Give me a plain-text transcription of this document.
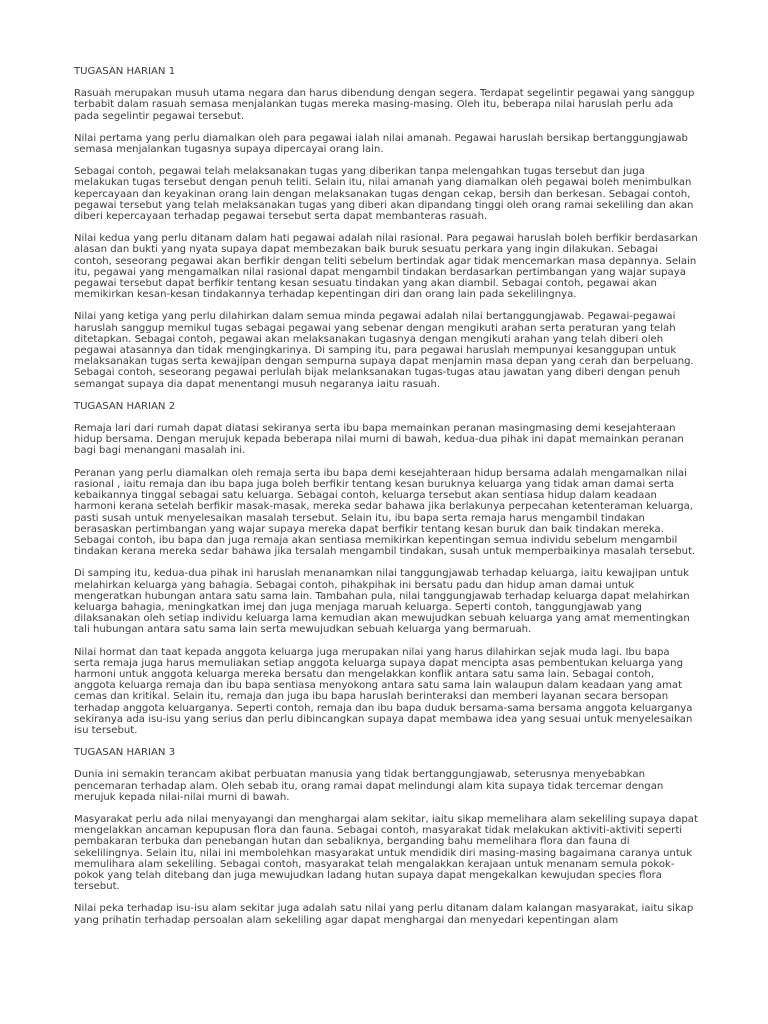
TUGASAN HARIAN 1
Rasuah merupakan musuh utama negara dan harus dibendung dengan segera. Terdapat segelintir pegawai yang sanggup terbabit dalam rasuah semasa menjalankan tugas mereka masing-masing. Oleh itu, beberapa nilai haruslah perlu ada pada segelintir pegawai tersebut.
Nilai pertama yang perlu diamalkan oleh para pegawai ialah nilai amanah. Pegawai haruslah bersikap bertanggungjawab semasa menjalankan tugasnya supaya dipercayai orang lain.
Sebagai contoh, pegawai telah melaksanakan tugas yang diberikan tanpa melengahkan tugas tersebut dan juga melakukan tugas tersebut dengan penuh teliti. Selain itu, nilai amanah yang diamalkan oleh pegawai boleh menimbulkan kepercayaan dan keyakinan orang lain dengan melaksanakan tugas dengan cekap, bersih dan berkesan. Sebagai contoh, pegawai tersebut yang telah melaksanakan tugas yang diberi akan dipandang tinggi oleh orang ramai sekeliling dan akan diberi kepercayaan terhadap pegawai tersebut serta dapat membanteras rasuah.
Nilai kedua yang perlu ditanam dalam hati pegawai adalah nilai rasional. Para pegawai haruslah boleh berfikir berdasarkan alasan dan bukti yang nyata supaya dapat membezakan baik buruk sesuatu perkara yang ingin dilakukan. Sebagai contoh, seseorang pegawai akan berfikir dengan teliti sebelum bertindak agar tidak mencemarkan masa depannya. Selain itu, pegawai yang mengamalkan nilai rasional dapat mengambil tindakan berdasarkan pertimbangan yang wajar supaya pegawai tersebut dapat berfikir tentang kesan sesuatu tindakan yang akan diambil. Sebagai contoh, pegawai akan memikirkan kesan-kesan tindakannya terhadap kepentingan diri dan orang lain pada sekelilingnya.
Nilai yang ketiga yang perlu dilahirkan dalam semua minda pegawai adalah nilai bertanggungjawab. Pegawai-pegawai haruslah sanggup memikul tugas sebagai pegawai yang sebenar dengan mengikuti arahan serta peraturan yang telah ditetapkan. Sebagai contoh, pegawai akan melaksanakan tugasnya dengan mengikuti arahan yang telah diberi oleh pegawai atasannya dan tidak mengingkarinya. Di samping itu, para pegawai haruslah mempunyai kesanggupan untuk melaksanakan tugas serta kewajipan dengan sempurna supaya dapat menjamin masa depan yang cerah dan berpeluang. Sebagai contoh, seseorang pegawai perlulah bijak melanksanakan tugas-tugas atau jawatan yang diberi dengan penuh semangat supaya dia dapat menentangi musuh negaranya iaitu rasuah.
TUGASAN HARIAN 2
Remaja lari dari rumah dapat diatasi sekiranya serta ibu bapa memainkan peranan masingmasing demi kesejahteraan hidup bersama. Dengan merujuk kepada beberapa nilai murni di bawah, kedua-dua pihak ini dapat memainkan peranan bagi bagi menangani masalah ini.
Peranan yang perlu diamalkan oleh remaja serta ibu bapa demi kesejahteraan hidup bersama adalah mengamalkan nilai rasional , iaitu remaja dan ibu bapa juga boleh berfikir tentang kesan buruknya keluarga yang tidak aman damai serta kebaikannya tinggal sebagai satu keluarga. Sebagai contoh, keluarga tersebut akan sentiasa hidup dalam keadaan harmoni kerana setelah berfikir masak-masak, mereka sedar bahawa jika berlakunya perpecahan ketenteraman keluarga, pasti susah untuk menyelesaikan masalah tersebut. Selain itu, ibu bapa serta remaja harus mengambil tindakan berasaskan pertimbangan yang wajar supaya mereka dapat berfikir tentang kesan buruk dan baik tindakan mereka. Sebagai contoh, ibu bapa dan juga remaja akan sentiasa memikirkan kepentingan semua individu sebelum mengambil tindakan kerana mereka sedar bahawa jika tersalah mengambil tindakan, susah untuk memperbaikinya masalah tersebut.
Di samping itu, kedua-dua pihak ini haruslah menanamkan nilai tanggungjawab terhadap keluarga, iaitu kewajipan untuk melahirkan keluarga yang bahagia. Sebagai contoh, pihakpihak ini bersatu padu dan hidup aman damai untuk mengeratkan hubungan antara satu sama lain. Tambahan pula, nilai tanggungjawab terhadap keluarga dapat melahirkan keluarga bahagia, meningkatkan imej dan juga menjaga maruah keluarga. Seperti contoh, tanggungjawab yang dilaksanakan oleh setiap individu keluarga lama kemudian akan mewujudkan sebuah keluarga yang amat mementingkan tali hubungan antara satu sama lain serta mewujudkan sebuah keluarga yang bermaruah.
Nilai hormat dan taat kepada anggota keluarga juga merupakan nilai yang harus dilahirkan sejak muda lagi. Ibu bapa serta remaja juga harus memuliakan setiap anggota keluarga supaya dapat mencipta asas pembentukan keluarga yang harmoni untuk anggota keluarga mereka bersatu dan mengelakkan konflik antara satu sama lain. Sebagai contoh, anggota keluarga remaja dan ibu bapa sentiasa menyokong antara satu sama lain walaupun dalam keadaan yang amat cemas dan kritikal. Selain itu, remaja dan juga ibu bapa haruslah berinteraksi dan memberi layanan secara bersopan terhadap anggota keluarganya. Seperti contoh, remaja dan ibu bapa duduk bersama-sama bersama anggota keluarganya sekiranya ada isu-isu yang serius dan perlu dibincangkan supaya dapat membawa idea yang sesuai untuk menyelesaikan isu tersebut.
TUGASAN HARIAN 3
Dunia ini semakin terancam akibat perbuatan manusia yang tidak bertanggungjawab, seterusnya menyebabkan pencemaran terhadap alam. Oleh sebab itu, orang ramai dapat melindungi alam kita supaya tidak tercemar dengan merujuk kepada nilai-nilai murni di bawah.
Masyarakat perlu ada nilai menyayangi dan menghargai alam sekitar, iaitu sikap memelihara alam sekeliling supaya dapat mengelakkan ancaman kepupusan flora dan fauna. Sebagai contoh, masyarakat tidak melakukan aktiviti-aktiviti seperti pembakaran terbuka dan penebangan hutan dan sebaliknya, berganding bahu memelihara flora dan fauna di sekelilingnya. Selain itu, nilai ini membolehkan masyarakat untuk mendidik diri masing-masing bagaimana caranya untuk memulihara alam sekeliling. Sebagai contoh, masyarakat telah mengalakkan kerajaan untuk menanam semula pokok-pokok yang telah ditebang dan juga mewujudkan ladang hutan supaya dapat mengekalkan kewujudan species flora tersebut.
Nilai peka terhadap isu-isu alam sekitar juga adalah satu nilai yang perlu ditanam dalam kalangan masyarakat, iaitu sikap yang prihatin terhadap persoalan alam sekeliling agar dapat menghargai dan menyedari kepentingan alam
